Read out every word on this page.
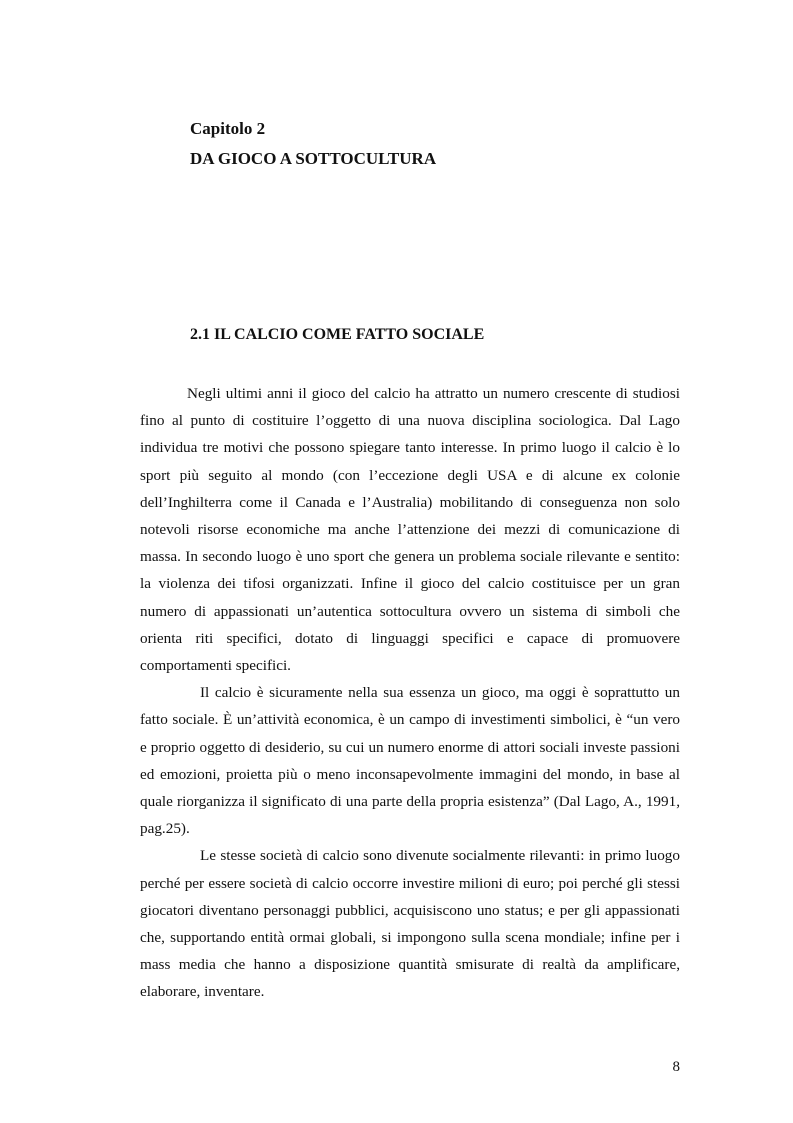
Capitolo 2

DA GIOCO A SOTTOCULTURA

2.1 IL CALCIO COME FATTO SOCIALE

Negli ultimi anni il gioco del calcio ha attratto un numero crescente di studiosi fino al punto di costituire l’oggetto di una nuova disciplina sociologica. Dal Lago individua tre motivi che possono spiegare tanto interesse. In primo luogo il calcio è lo sport più seguito al mondo (con l’eccezione degli USA e di alcune ex colonie dell’Inghilterra come il Canada e l’Australia) mobilitando di conseguenza non solo notevoli risorse economiche ma anche l’attenzione dei mezzi di comunicazione di massa. In secondo luogo è uno sport che genera un problema sociale rilevante e sentito: la violenza dei tifosi organizzati. Infine il gioco del calcio costituisce per un gran numero di appassionati un’autentica sottocultura ovvero un sistema di simboli che orienta riti specifici, dotato di linguaggi specifici e capace di promuovere comportamenti specifici.

Il calcio è sicuramente nella sua essenza un gioco, ma oggi è soprattutto un fatto sociale. È un’attività economica, è un campo di investimenti simbolici, è “un vero e proprio oggetto di desiderio, su cui un numero enorme di attori sociali investe passioni ed emozioni, proietta più o meno inconsapevolmente immagini del mondo, in base al quale riorganizza il significato di una parte della propria esistenza” (Dal Lago, A., 1991, pag.25).

Le stesse società di calcio sono divenute socialmente rilevanti: in primo luogo perché per essere società di calcio occorre investire milioni di euro; poi perché gli stessi giocatori diventano personaggi pubblici, acquisiscono uno status; e per gli appassionati che, supportando entità ormai globali, si impongono sulla scena mondiale; infine per i mass media che hanno a disposizione quantità smisurate di realtà da amplificare, elaborare, inventare.

8
